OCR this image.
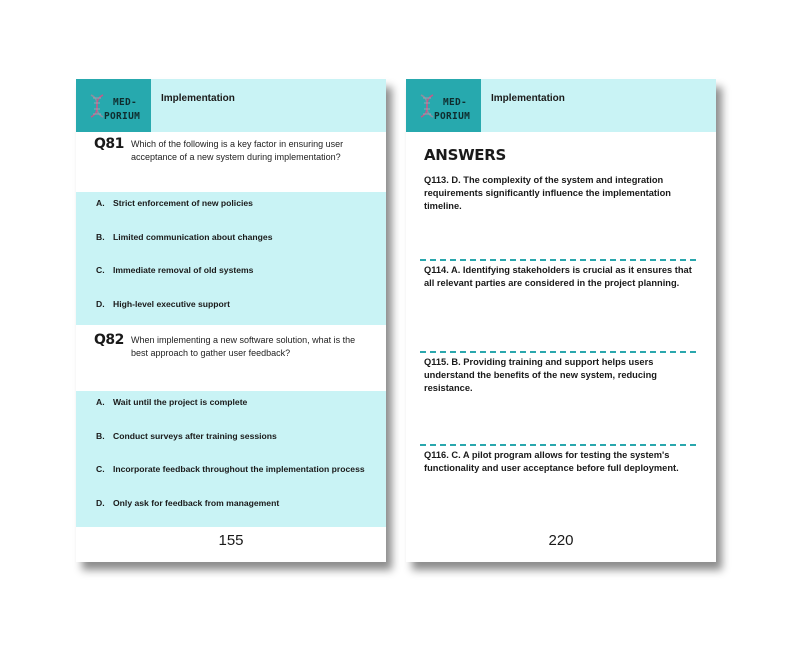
MED-
PORIUM
Implementation
Q81 Which of the following is a key factor in ensuring user acceptance of a new system during implementation?
A. Strict enforcement of new policies
B. Limited communication about changes
C. Immediate removal of old systems
D. High-level executive support
Q82 When implementing a new software solution, what is the best approach to gather user feedback?
A. Wait until the project is complete
B. Conduct surveys after training sessions
C. Incorporate feedback throughout the implementation process
D. Only ask for feedback from management
155
MED-
PORIUM
Implementation
ANSWERS
Q113. D. The complexity of the system and integration requirements significantly influence the implementation timeline.
Q114. A. Identifying stakeholders is crucial as it ensures that all relevant parties are considered in the project planning.
Q115. B. Providing training and support helps users understand the benefits of the new system, reducing resistance.
Q116. C. A pilot program allows for testing the system's functionality and user acceptance before full deployment.
220
